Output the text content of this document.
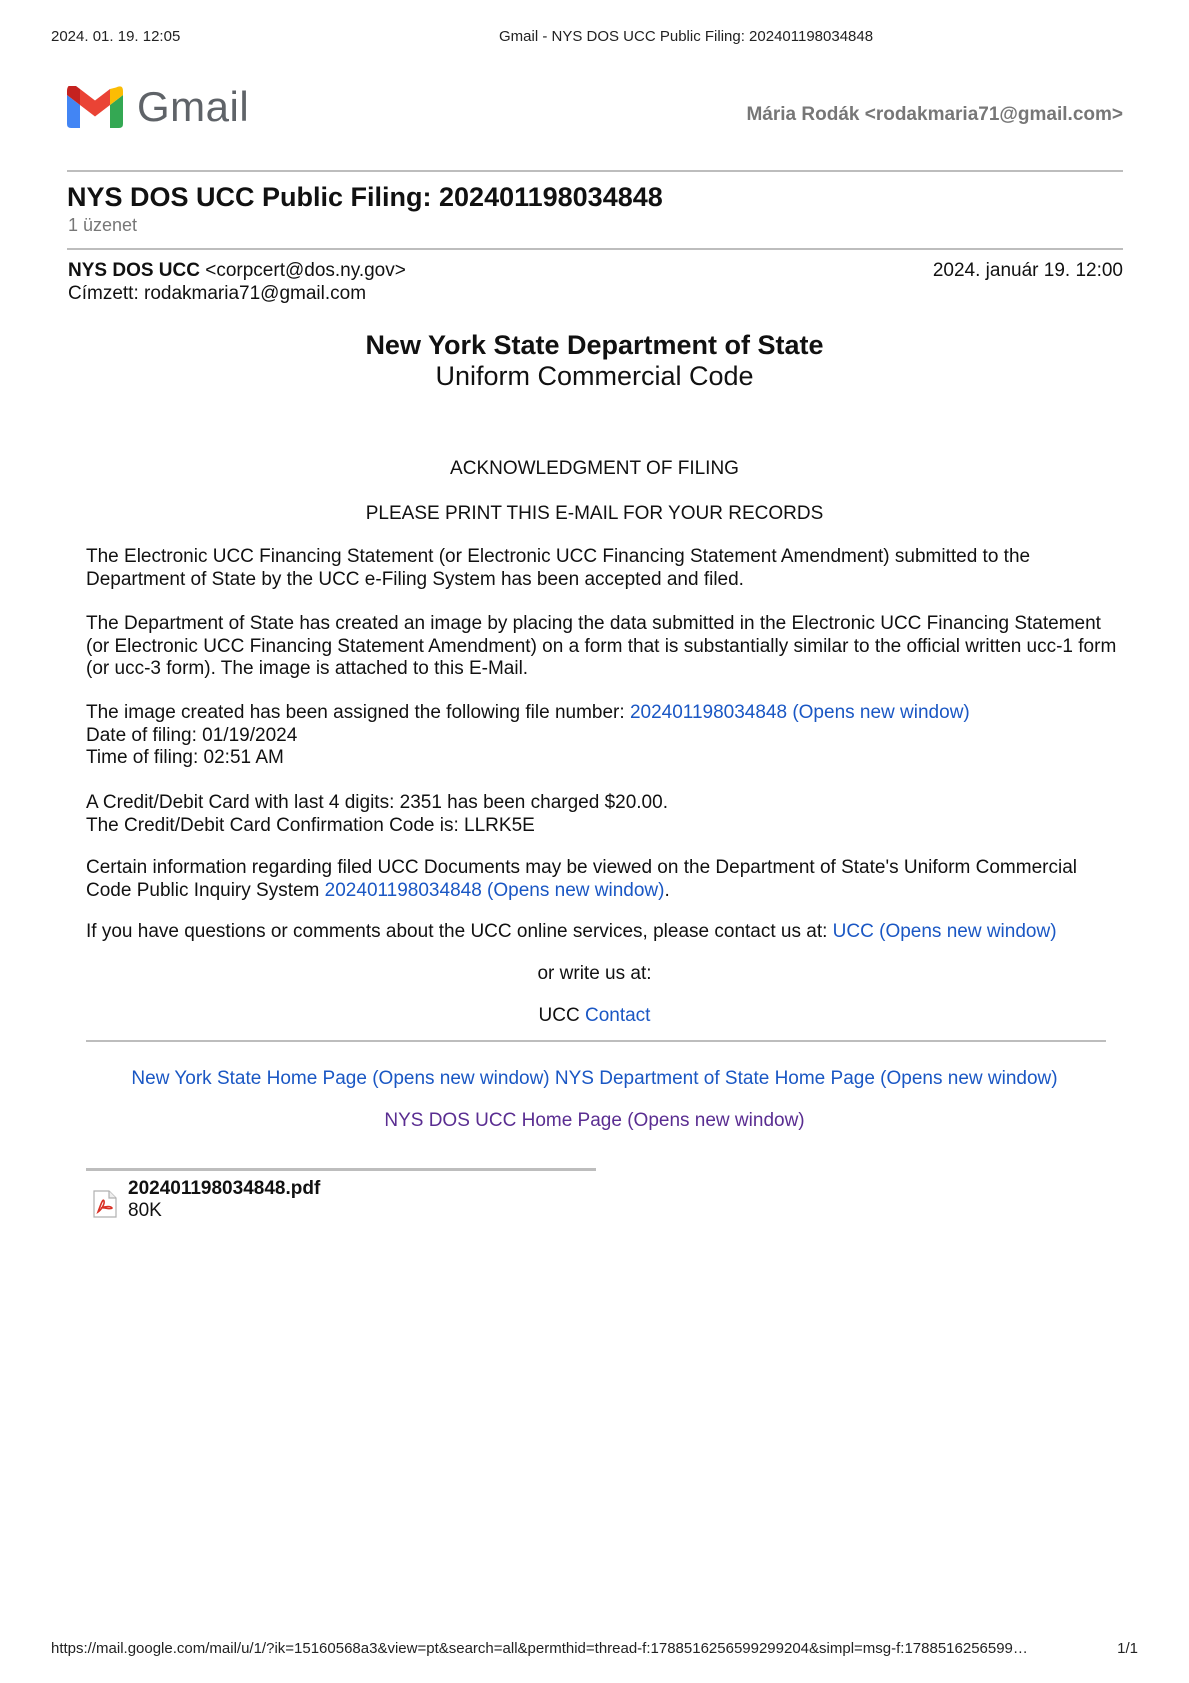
2024. 01. 19. 12:05	Gmail - NYS DOS UCC Public Filing: 202401198034848
Gmail	Mária Rodák <rodakmaria71@gmail.com>
NYS DOS UCC Public Filing: 202401198034848
1 üzenet
NYS DOS UCC <corpcert@dos.ny.gov>	2024. január 19. 12:00
Címzett: rodakmaria71@gmail.com
New York State Department of State
Uniform Commercial Code
ACKNOWLEDGMENT OF FILING
PLEASE PRINT THIS E-MAIL FOR YOUR RECORDS
The Electronic UCC Financing Statement (or Electronic UCC Financing Statement Amendment) submitted to the Department of State by the UCC e-Filing System has been accepted and filed.
The Department of State has created an image by placing the data submitted in the Electronic UCC Financing Statement (or Electronic UCC Financing Statement Amendment) on a form that is substantially similar to the official written ucc-1 form (or ucc-3 form). The image is attached to this E-Mail.
The image created has been assigned the following file number: 202401198034848 (Opens new window)
Date of filing: 01/19/2024
Time of filing: 02:51 AM
A Credit/Debit Card with last 4 digits: 2351 has been charged $20.00.
The Credit/Debit Card Confirmation Code is: LLRK5E
Certain information regarding filed UCC Documents may be viewed on the Department of State's Uniform Commercial Code Public Inquiry System 202401198034848 (Opens new window).
If you have questions or comments about the UCC online services, please contact us at: UCC (Opens new window)
or write us at:
UCC Contact
New York State Home Page (Opens new window) NYS Department of State Home Page (Opens new window)
NYS DOS UCC Home Page (Opens new window)
202401198034848.pdf
80K
https://mail.google.com/mail/u/1/?ik=15160568a3&view=pt&search=all&permthid=thread-f:1788516256599299204&simpl=msg-f:1788516256599…	1/1
